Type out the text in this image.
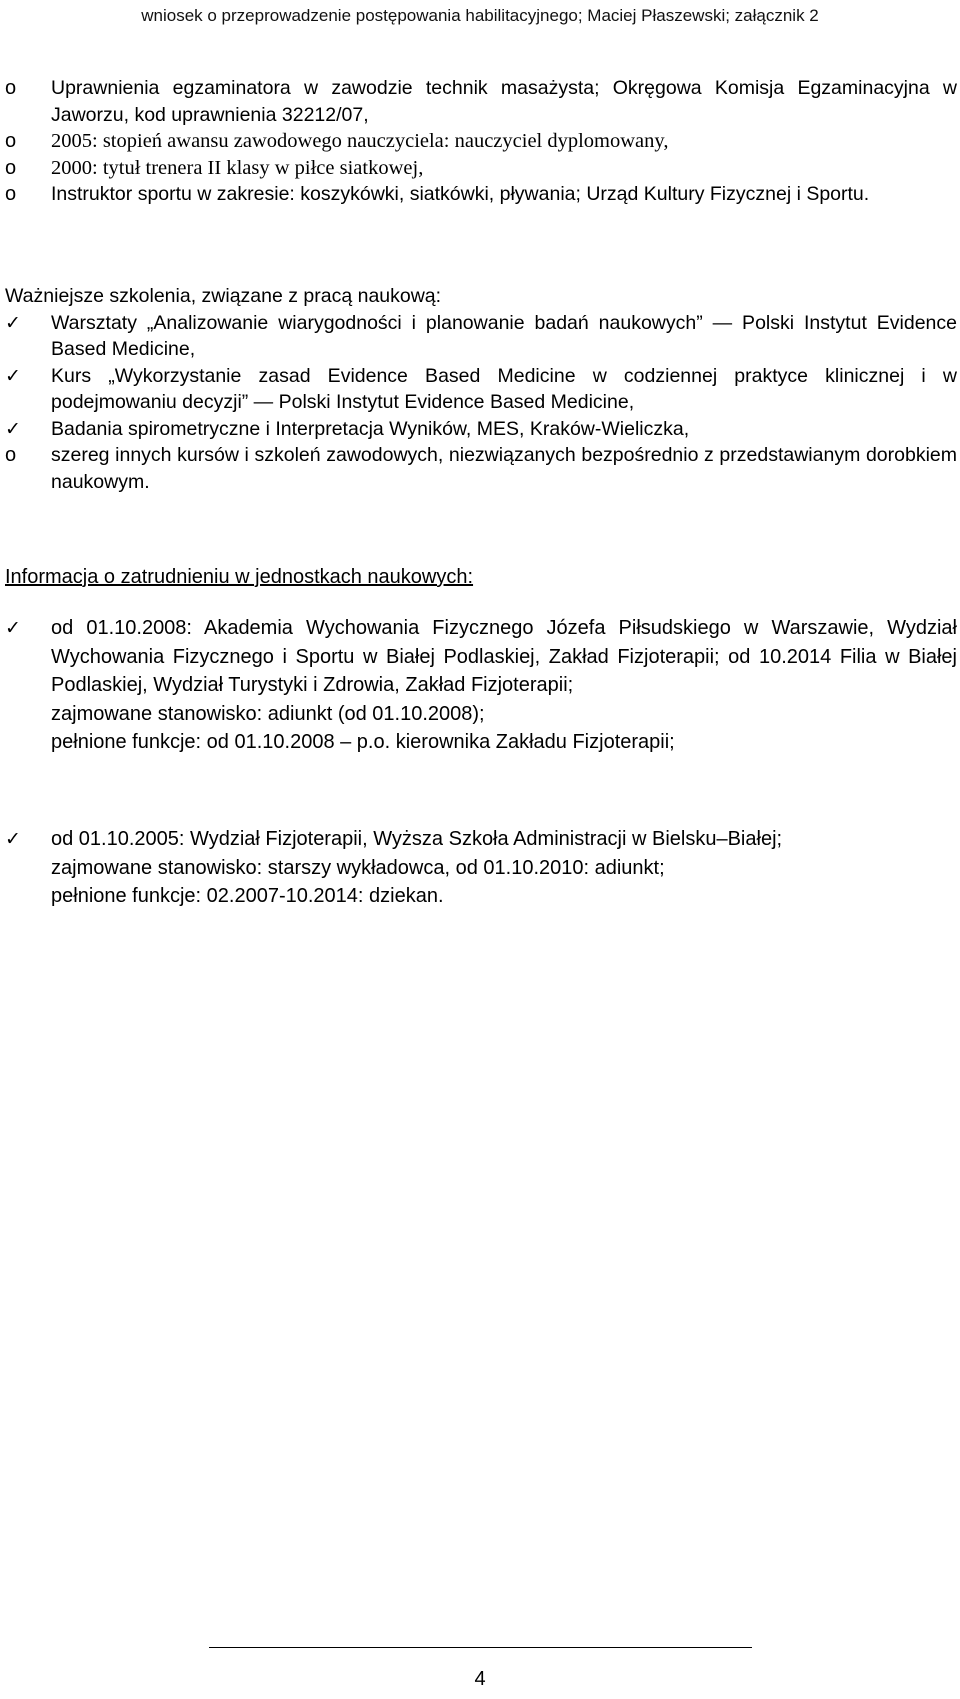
wniosek o przeprowadzenie postępowania habilitacyjnego; Maciej Płaszewski; załącznik 2
o	Uprawnienia egzaminatora w zawodzie technik masażysta; Okręgowa Komisja Egzaminacyjna w Jaworzu, kod uprawnienia 32212/07,
o	2005: stopień awansu zawodowego nauczyciela: nauczyciel dyplomowany,
o	2000: tytuł trenera II klasy w piłce siatkowej,
o	Instruktor sportu w zakresie: koszykówki, siatkówki, pływania; Urząd Kultury Fizycznej i Sportu.
Ważniejsze szkolenia, związane z pracą naukową:
✓	Warsztaty „Analizowanie wiarygodności i planowanie badań naukowych” — Polski Instytut Evidence Based Medicine,
✓	Kurs „Wykorzystanie zasad Evidence Based Medicine w codziennej praktyce klinicznej i w podejmowaniu decyzji” — Polski Instytut Evidence Based Medicine,
✓	Badania spirometryczne i Interpretacja Wyników, MES, Kraków-Wieliczka,
o	szereg innych kursów i szkoleń zawodowych, niezwiązanych bezpośrednio z przedstawianym dorobkiem naukowym.
Informacja o zatrudnieniu w jednostkach naukowych:
✓	od 01.10.2008: Akademia Wychowania Fizycznego Józefa Piłsudskiego w Warszawie, Wydział Wychowania Fizycznego i Sportu w Białej Podlaskiej, Zakład Fizjoterapii; od 10.2014 Filia w Białej Podlaskiej, Wydział Turystyki i Zdrowia, Zakład Fizjoterapii;

zajmowane stanowisko: adiunkt (od 01.10.2008);

pełnione funkcje: od 01.10.2008 – p.o. kierownika Zakładu Fizjoterapii;

✓	od 01.10.2005: Wydział Fizjoterapii, Wyższa Szkoła Administracji w Bielsku–Białej;

zajmowane stanowisko: starszy wykładowca, od 01.10.2010: adiunkt;

pełnione funkcje: 02.2007-10.2014: dziekan.

4
